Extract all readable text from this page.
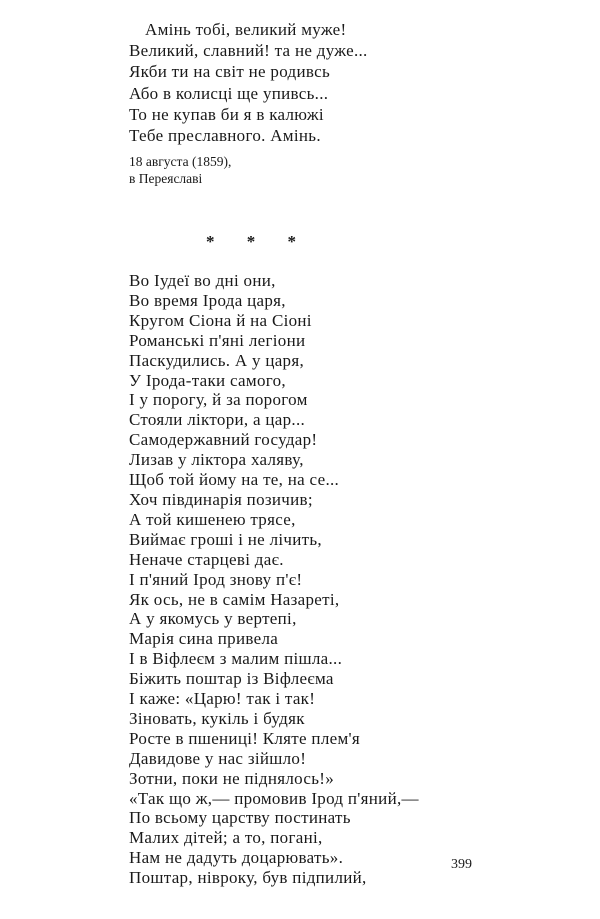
Амінь тобі, великий муже!
Великий, славний! та не дуже...
Якби ти на світ не родивсь
Або в колисці ще упивсь...
То не купав би я в калюжі
Тебе преславного. Амінь.
18 августа (1859),
в Переяславі
* * *
Во Іудеї во дні они,
Во время Ірода царя,
Кругом Сіона й на Сіоні
Романські п'яні легіони
Паскудились. А у царя,
У Ірода-таки самого,
І у порогу, й за порогом
Стояли ліктори, а цар...
Самодержавний государ!
Лизав у ліктора халяву,
Щоб той йому на те, на се...
Хоч півдинарія позичив;
А той кишенею трясе,
Виймає гроші і не лічить,
Неначе старцеві дає.
І п'яний Ірод знову п'є!
Як ось, не в самім Назареті,
А у якомусь у вертепі,
Марія сина привела
І в Віфлеєм з малим пішла...
Біжить поштар із Віфлеєма
І каже: «Царю! так і так!
Зіновать, кукіль і будяк
Росте в пшениці! Кляте плем'я
Давидове у нас зійшло!
Зотни, поки не піднялось!»
«Так що ж,— промовив Ірод п'яний,—
По всьому царству постинать
Малих дітей; а то, погані,
Нам не дадуть доцарювать».
Поштар, нівроку, був підпилий,
399
